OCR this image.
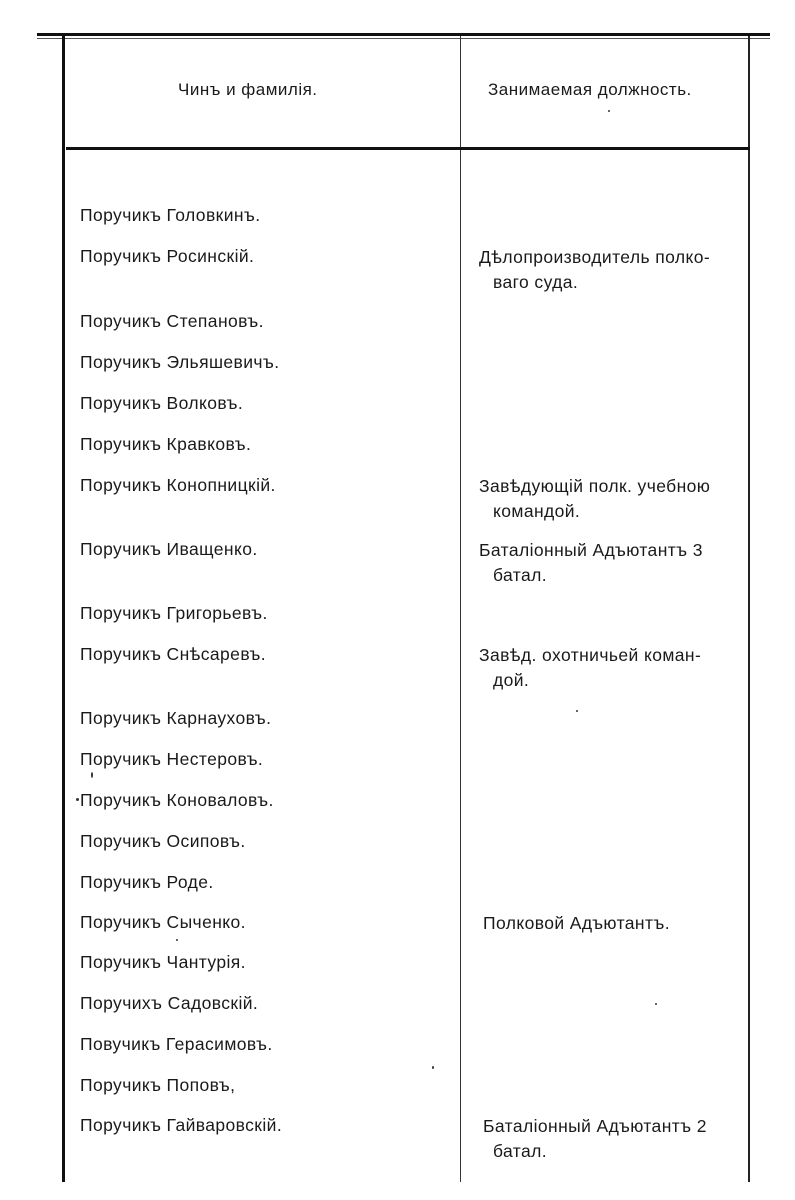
Чинъ и фамилія.	Занимаемая должность.
Поручикъ Головкинъ.
Поручикъ Росинскій.	Дѣлопроизводитель полко-
ваго суда.
Поручикъ Степановъ.
Поручикъ Эльяшевичъ.
Поручикъ Волковъ.
Поручикъ Кравковъ.
Поручикъ Конопницкій.	Завѣдующій полк. учебною
командой.
Поручикъ Иващенко.	Баталіонный Адъютантъ 3
батал.
Поручикъ Григорьевъ.
Поручикъ Снѣсаревъ.	Завѣд. охотничьей коман-
дой.
Поручикъ Карнауховъ.
Поручикъ Нестеровъ.
Поручикъ Коноваловъ.
Поручикъ Осиповъ.
Поручикъ Роде.
Поручикъ Сыченко.	Полковой Адъютантъ.
Поручикъ Чантурія.
Поручихъ Садовскій.
Повучикъ Герасимовъ.
Поручикъ Поповъ,
Поручикъ Гайваровскій.	Баталіонный Адъютантъ 2
батал.
